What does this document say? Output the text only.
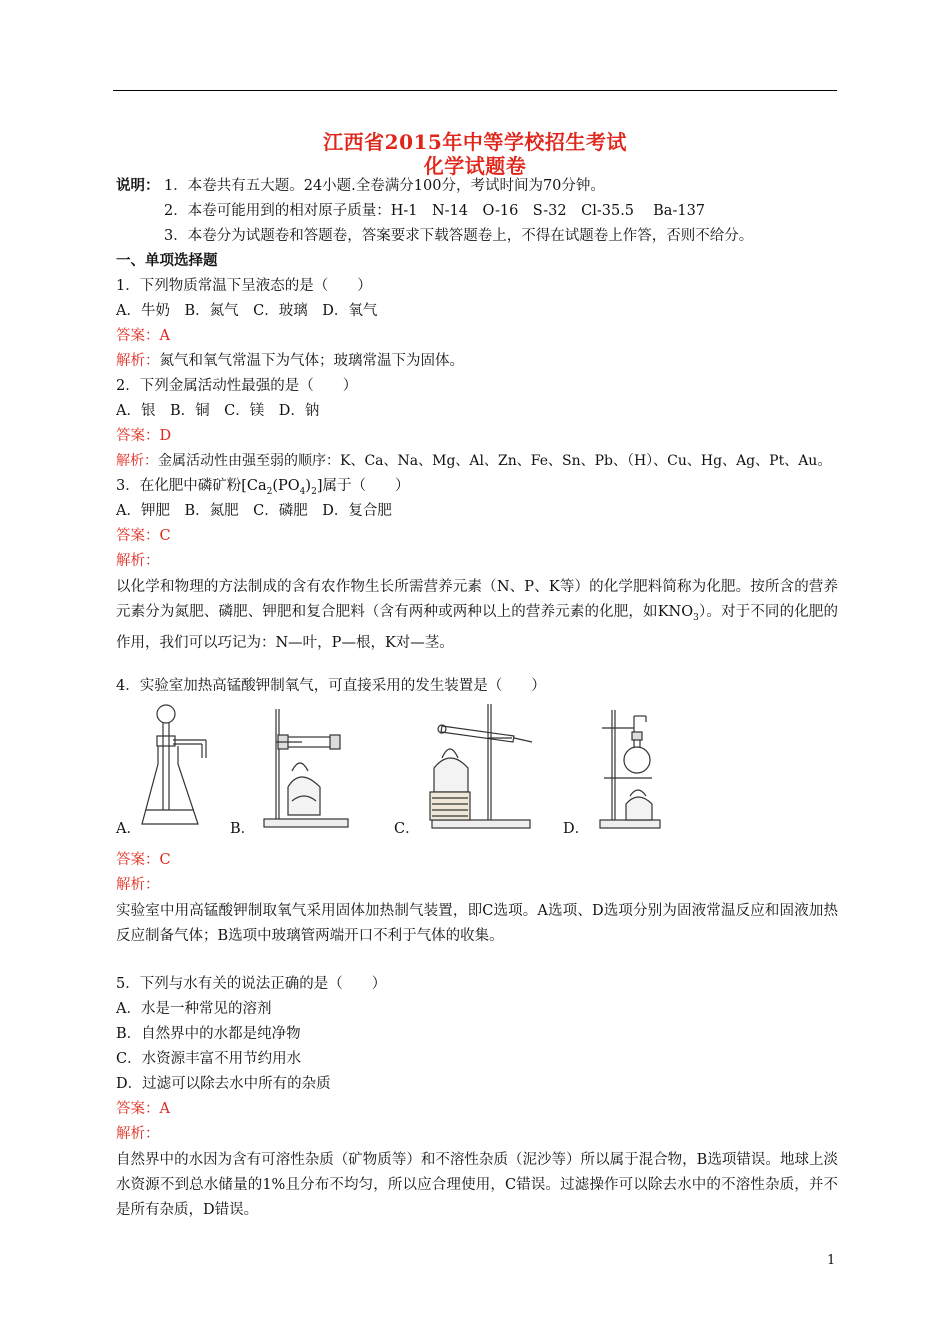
江西省2015年中等学校招生考试
化学试题卷
说明： 1．本卷共有五大题。24小题.全卷满分100分，考试时间为70分钟。
2．本卷可能用到的相对原子质量：H-1　N-14　O-16　S-32　Cl-35.5　 Ba-137
3．本卷分为试题卷和答题卷，答案要求下载答题卷上，不得在试题卷上作答，否则不给分。
一、单项选择题
1．下列物质常温下呈液态的是（　　）
A．牛奶　B．氮气　C．玻璃　D．氧气
答案：A
解析：氮气和氧气常温下为气体；玻璃常温下为固体。
2．下列金属活动性最强的是（　　）
A．银　B．铜　C．镁　D．钠
答案：D
解析：金属活动性由强至弱的顺序：K、Ca、Na、Mg、Al、Zn、Fe、Sn、Pb、（H）、Cu、Hg、Ag、Pt、Au。
3．在化肥中磷矿粉$[Ca_2(PO_4)_2]$属于（　　）
A．钾肥　B．氮肥　C．磷肥　D．复合肥
答案：C
解析：
以化学和物理的方法制成的含有农作物生长所需营养元素（N、P、K等）的化学肥料简称为化肥。按所含的营养元素分为氮肥、磷肥、钾肥和复合肥料（含有两种或两种以上的营养元素的化肥，如$KNO_3$）。对于不同的化肥的作用，我们可以巧记为：N—叶，P—根，K对—茎。
4．实验室加热高锰酸钾制氧气，可直接采用的发生装置是（　　）
A．	B．	C．	D．
答案：C
解析：
实验室中用高锰酸钾制取氧气采用固体加热制气装置，即C选项。A选项、D选项分别为固液常温反应和固液加热反应制备气体；B选项中玻璃管两端开口不利于气体的收集。
5．下列与水有关的说法正确的是（　　）
A．水是一种常见的溶剂
B．自然界中的水都是纯净物
C．水资源丰富不用节约用水
D．过滤可以除去水中所有的杂质
答案：A
解析：
自然界中的水因为含有可溶性杂质（矿物质等）和不溶性杂质（泥沙等）所以属于混合物，B选项错误。地球上淡水资源不到总水储量的1%且分布不均匀，所以应合理使用，C错误。过滤操作可以除去水中的不溶性杂质，并不是所有杂质，D错误。
1
